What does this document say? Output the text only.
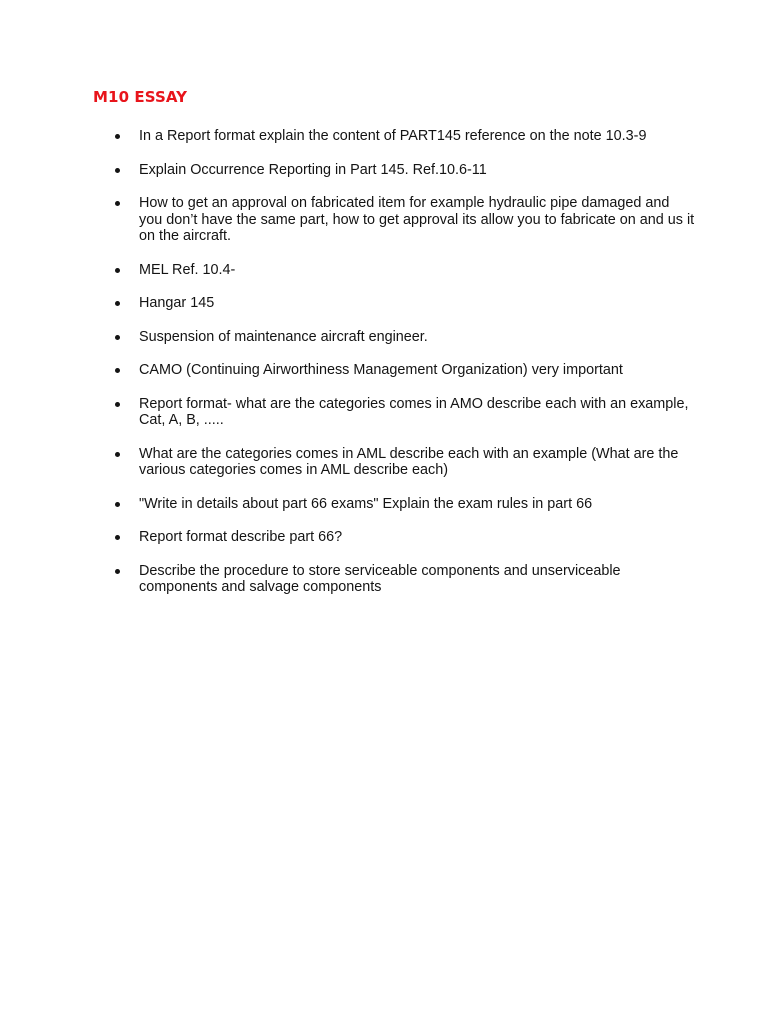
M10 ESSAY
In a Report format explain the content of PART145 reference on the note 10.3-9
Explain Occurrence Reporting in Part 145. Ref.10.6-11
How to get an approval on fabricated item for example hydraulic pipe damaged and you don’t have the same part, how to get approval its allow you to fabricate on and us it on the aircraft.
MEL Ref. 10.4-
Hangar 145
Suspension of maintenance aircraft engineer.
CAMO (Continuing Airworthiness Management Organization) very important
Report format- what are the categories comes in AMO describe each with an example, Cat, A, B, .....
What are the categories comes in AML describe each with an example (What are the various categories comes in AML describe each)
"Write in details about part 66 exams" Explain the exam rules in part 66
Report format describe part 66?
Describe the procedure to store serviceable components and unserviceable components and salvage components
